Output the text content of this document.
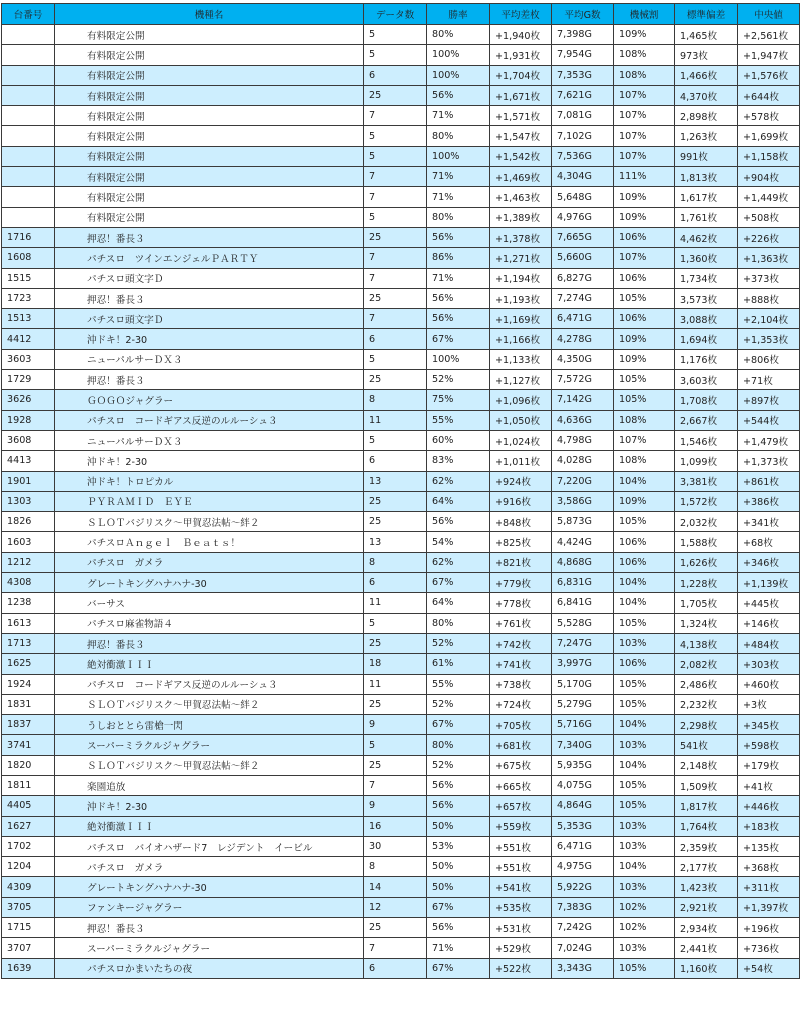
台番号	機種名	データ数	勝率	平均差枚	平均G数	機械割	標準偏差	中央値
	有料限定公開	5	80%	+1,940枚	7,398G	109%	1,465枚	+2,561枚
	有料限定公開	5	100%	+1,931枚	7,954G	108%	973枚	+1,947枚
	有料限定公開	6	100%	+1,704枚	7,353G	108%	1,466枚	+1,576枚
	有料限定公開	25	56%	+1,671枚	7,621G	107%	4,370枚	+644枚
	有料限定公開	7	71%	+1,571枚	7,081G	107%	2,898枚	+578枚
	有料限定公開	5	80%	+1,547枚	7,102G	107%	1,263枚	+1,699枚
	有料限定公開	5	100%	+1,542枚	7,536G	107%	991枚	+1,158枚
	有料限定公開	7	71%	+1,469枚	4,304G	111%	1,813枚	+904枚
	有料限定公開	7	71%	+1,463枚	5,648G	109%	1,617枚	+1,449枚
	有料限定公開	5	80%	+1,389枚	4,976G	109%	1,761枚	+508枚
1716	押忍！番長３	25	56%	+1,378枚	7,665G	106%	4,462枚	+226枚
1608	パチスロ　ツインエンジェルＰＡＲＴＹ	7	86%	+1,271枚	5,660G	107%	1,360枚	+1,363枚
1515	パチスロ頭文字Ｄ	7	71%	+1,194枚	6,827G	106%	1,734枚	+373枚
1723	押忍！番長３	25	56%	+1,193枚	7,274G	105%	3,573枚	+888枚
1513	パチスロ頭文字Ｄ	7	56%	+1,169枚	6,471G	106%	3,088枚	+2,104枚
4412	沖ドキ！2-30	6	67%	+1,166枚	4,278G	109%	1,694枚	+1,353枚
3603	ニューパルサーＤＸ３	5	100%	+1,133枚	4,350G	109%	1,176枚	+806枚
1729	押忍！番長３	25	52%	+1,127枚	7,572G	105%	3,603枚	+71枚
3626	ＧＯＧＯジャグラー	8	75%	+1,096枚	7,142G	105%	1,708枚	+897枚
1928	パチスロ　コードギアス反逆のルルーシュ３	11	55%	+1,050枚	4,636G	108%	2,667枚	+544枚
3608	ニューパルサーＤＸ３	5	60%	+1,024枚	4,798G	107%	1,546枚	+1,479枚
4413	沖ドキ！2-30	6	83%	+1,011枚	4,028G	108%	1,099枚	+1,373枚
1901	沖ドキ！トロピカル	13	62%	+924枚	7,220G	104%	3,381枚	+861枚
1303	ＰＹＲＡＭＩＤ　ＥＹＥ	25	64%	+916枚	3,586G	109%	1,572枚	+386枚
1826	ＳＬＯＴバジリスク～甲賀忍法帖～絆２	25	56%	+848枚	5,873G	105%	2,032枚	+341枚
1603	パチスロＡｎｇｅｌ　Ｂｅａｔｓ！	13	54%	+825枚	4,424G	106%	1,588枚	+68枚
1212	パチスロ　ガメラ	8	62%	+821枚	4,868G	106%	1,626枚	+346枚
4308	グレートキングハナハナ-30	6	67%	+779枚	6,831G	104%	1,228枚	+1,139枚
1238	バーサス	11	64%	+778枚	6,841G	104%	1,705枚	+445枚
1613	パチスロ麻雀物語４	5	80%	+761枚	5,528G	105%	1,324枚	+146枚
1713	押忍！番長３	25	52%	+742枚	7,247G	103%	4,138枚	+484枚
1625	絶対衝激ＩＩＩ	18	61%	+741枚	3,997G	106%	2,082枚	+303枚
1924	パチスロ　コードギアス反逆のルルーシュ３	11	55%	+738枚	5,170G	105%	2,486枚	+460枚
1831	ＳＬＯＴバジリスク～甲賀忍法帖～絆２	25	52%	+724枚	5,279G	105%	2,232枚	+3枚
1837	うしおととら雷槍一閃	9	67%	+705枚	5,716G	104%	2,298枚	+345枚
3741	スーパーミラクルジャグラー	5	80%	+681枚	7,340G	103%	541枚	+598枚
1820	ＳＬＯＴバジリスク～甲賀忍法帖～絆２	25	52%	+675枚	5,935G	104%	2,148枚	+179枚
1811	楽園追放	7	56%	+665枚	4,075G	105%	1,509枚	+41枚
4405	沖ドキ！2-30	9	56%	+657枚	4,864G	105%	1,817枚	+446枚
1627	絶対衝激ＩＩＩ	16	50%	+559枚	5,353G	103%	1,764枚	+183枚
1702	パチスロ　バイオハザード7　レジデント　イービル	30	53%	+551枚	6,471G	103%	2,359枚	+135枚
1204	パチスロ　ガメラ	8	50%	+551枚	4,975G	104%	2,177枚	+368枚
4309	グレートキングハナハナ-30	14	50%	+541枚	5,922G	103%	1,423枚	+311枚
3705	ファンキージャグラー	12	67%	+535枚	7,383G	102%	2,921枚	+1,397枚
1715	押忍！番長３	25	56%	+531枚	7,242G	102%	2,934枚	+196枚
3707	スーパーミラクルジャグラー	7	71%	+529枚	7,024G	103%	2,441枚	+736枚
1639	パチスロかまいたちの夜	6	67%	+522枚	3,343G	105%	1,160枚	+54枚
